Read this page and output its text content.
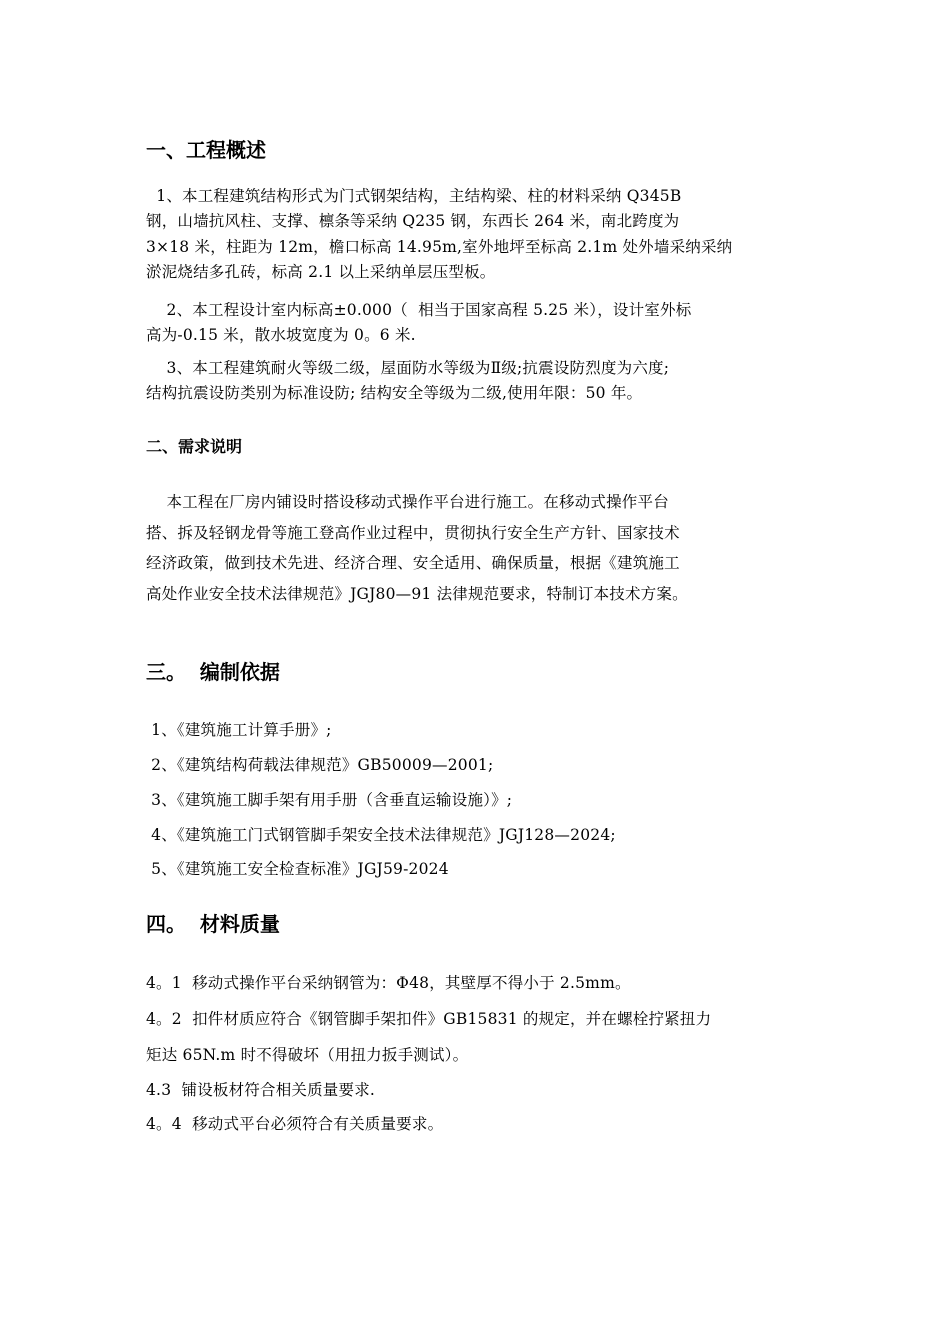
一、工程概述
1、本工程建筑结构形式为门式钢架结构，主结构梁、柱的材料采纳 Q345B
钢，山墙抗风柱、支撑、檩条等采纳 Q235 钢，东西长 264 米，南北跨度为
3×18 米，柱距为 12m，檐口标高 14.95m,室外地坪至标高 2.1m 处外墙采纳采纳
淤泥烧结多孔砖，标高 2.1 以上采纳单层压型板。
2、本工程设计室内标高±0.000（  相当于国家高程 5.25 米），设计室外标
高为-0.15 米，散水坡宽度为 0。6 米.
3、本工程建筑耐火等级二级，屋面防水等级为Ⅱ级;抗震设防烈度为六度;
结构抗震设防类别为标准设防; 结构安全等级为二级,使用年限：50 年。
二、需求说明
本工程在厂房内铺设时搭设移动式操作平台进行施工。在移动式操作平台
搭、拆及轻钢龙骨等施工登高作业过程中，贯彻执行安全生产方针、国家技术
经济政策，做到技术先进、经济合理、安全适用、确保质量，根据《建筑施工
高处作业安全技术法律规范》JGJ80—91 法律规范要求，特制订本技术方案。
三。  编制依据
1、《建筑施工计算手册》;
2、《建筑结构荷载法律规范》GB50009—2001;
3、《建筑施工脚手架有用手册（含垂直运输设施）》;
4、《建筑施工门式钢管脚手架安全技术法律规范》JGJ128—2024;
5、《建筑施工安全检查标准》JGJ59-2024
四。  材料质量
4。1  移动式操作平台采纳钢管为：Φ48，其壁厚不得小于 2.5mm。
4。2  扣件材质应符合《钢管脚手架扣件》GB15831 的规定，并在螺栓拧紧扭力
矩达 65N.m 时不得破坏（用扭力扳手测试）。
4.3  铺设板材符合相关质量要求.
4。4  移动式平台必须符合有关质量要求。
